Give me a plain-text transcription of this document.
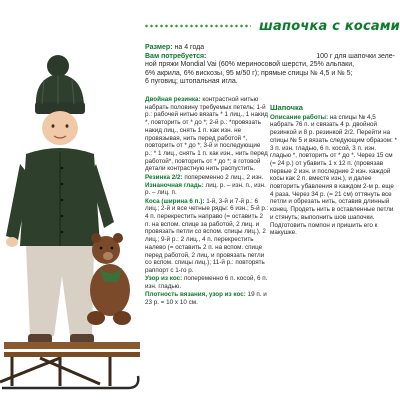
шапочка с косами
Размер: на 4 года
Вам потребуется:	100 г для шапочки зеле-
ной пряжи Mondial Vai (60% мериносовой шерсти, 25% альпаки,
6% акрила, 6% вискозы, 95 м/50 г); прямые спицы № 4,5 и № 5;
6 пуговиц; штопальная игла.

Двойная резинка: контрастной нитью набрать половину требуемых петель; 1-й р.: рабочей нитью вязать * 1 лиц., 1 накид *, повторить от * до *; 2-й р.: *провязать накид лиц., снять 1 п. как изн. не провязывая, нить перед работой *, повторить от * до *; 3-й и последующие р.: * 1 лиц., снять 1 п. как изн., нить перед работой*, повторить от * до *; в готовой детали контрастную нить распустить.

Резинка 2/2: попеременно 2 лиц., 2 изн.

Изнаночная гладь: лиц. р. – изн. п., изн. р. – лиц. п.

Коса (ширина 6 п.): 1-й, 3-й и 7-й р.: 6 лиц.; 2-й и все четные ряды: 6 изн.; 5-й р.: 4 п. перекрестить направо (= оставить 2 п. на вспом. спице за работой, 2 лиц. и провязать петли со вспом. спицы лиц.), 2 лиц.; 9-й р.: 2 лиц., 4 п. перекрестить налево (= оставить 2 п. на вспом. спице перед работой, 2 лиц. и провязать петли со вспом. спицы лиц.); 11-й р.: повторять раппорт с 1-го р.

Узор из кос: попеременно 6 п. косой, 6 п. изн. гладью.

Плотность вязания, узор из кос: 19 п. и 23 р. = 10 х 10 см.

Шапочка

Описание работы: на спицы № 4,5 набрать 76 п. и связать 4 р. двойной резинкой и 8 р. резинкой 2/2. Перейти на спицы № 5 и вязать следующим образом: * 3 п. изн. гладью, 6 п. косой, 3 п. изн. гладью *, повторить от * до *. Через 15 см (= 24 р.) от убавить 1 х 12 п. (провязав первые 2 изн. и последние 2 изн. каждой косы как 2 п. вместе изн.), и далее повторить убавления в каждом 2-м р. еще 4 раза. Через 34 р. (= 21 см) оттянуть все петли и обрезать нить, оставив длинный конец. Продеть нить в оставленные петли и стянуть; выполнить шов шапочки. Подготовить помпон и пришить его к макушке.
